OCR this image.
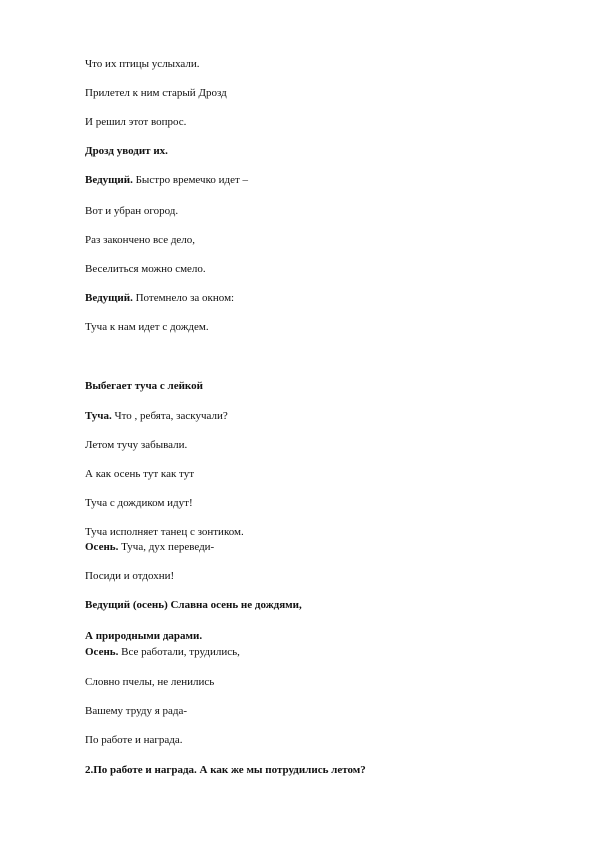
Что их птицы услыхали.
Прилетел к ним старый Дрозд
И решил этот вопрос.
Дрозд уводит их.
Ведущий. Быстро времечко идет –
Вот и убран огород.
Раз закончено все дело,
Веселиться можно смело.
Ведущий. Потемнело за окном:
Туча к нам идет с дождем.
Выбегает туча с лейкой
Туча. Что , ребята, заскучали?
Летом тучу забывали.
А как осень тут как тут
Туча с дождиком идут!
Туча исполняет танец с зонтиком.
Осень. Туча, дух переведи-
Посиди и отдохни!
Ведущий (осень) Славна осень не дождями,
А природными дарами.
Осень. Все работали, трудились,
Словно пчелы, не ленились
Вашему труду я рада-
По работе и награда.
2.По работе и награда. А как же мы потрудились летом?
